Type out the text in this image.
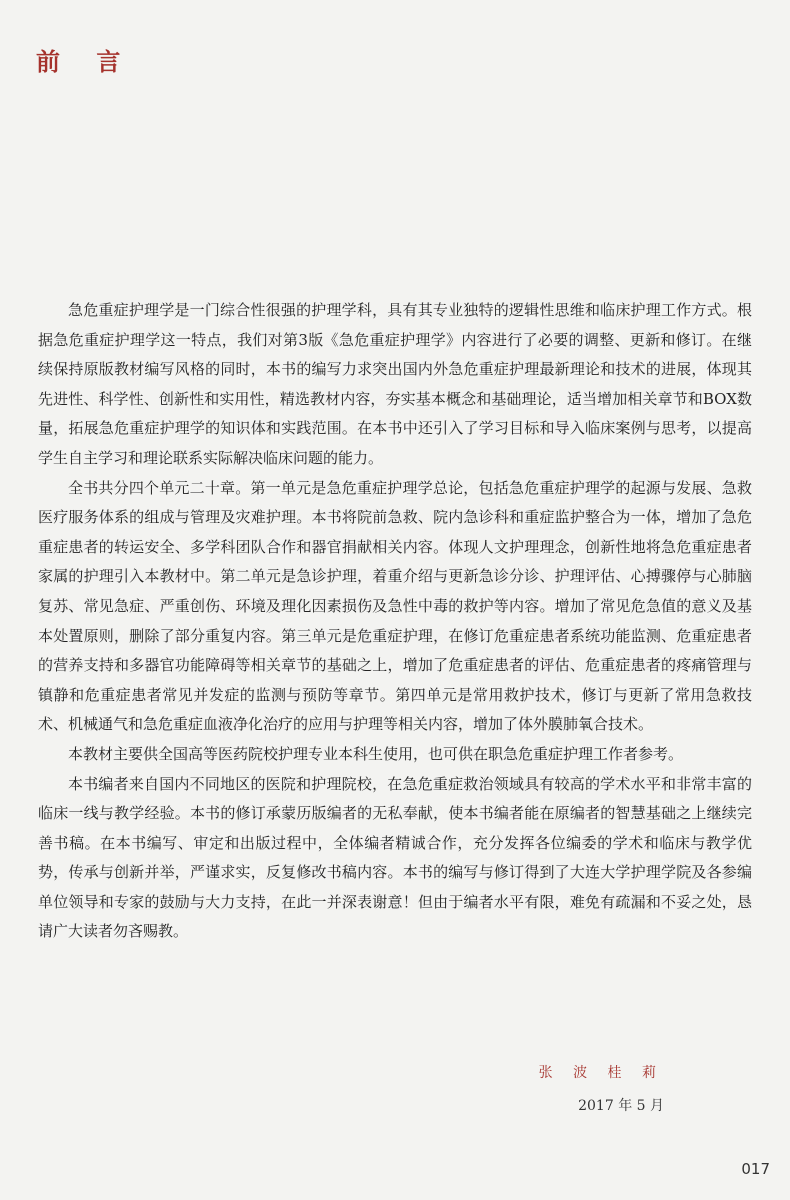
前 言

急危重症护理学是一门综合性很强的护理学科，具有其专业独特的逻辑性思维和临床护理工作方式。根据急危重症护理学这一特点，我们对第3版《急危重症护理学》内容进行了必要的调整、更新和修订。在继续保持原版教材编写风格的同时，本书的编写力求突出国内外急危重症护理最新理论和技术的进展，体现其先进性、科学性、创新性和实用性，精选教材内容，夯实基本概念和基础理论，适当增加相关章节和BOX数量，拓展急危重症护理学的知识体和实践范围。在本书中还引入了学习目标和导入临床案例与思考，以提高学生自主学习和理论联系实际解决临床问题的能力。

全书共分四个单元二十章。第一单元是急危重症护理学总论，包括急危重症护理学的起源与发展、急救医疗服务体系的组成与管理及灾难护理。本书将院前急救、院内急诊科和重症监护整合为一体，增加了急危重症患者的转运安全、多学科团队合作和器官捐献相关内容。体现人文护理理念，创新性地将急危重症患者家属的护理引入本教材中。第二单元是急诊护理，着重介绍与更新急诊分诊、护理评估、心搏骤停与心肺脑复苏、常见急症、严重创伤、环境及理化因素损伤及急性中毒的救护等内容。增加了常见危急值的意义及基本处置原则，删除了部分重复内容。第三单元是危重症护理，在修订危重症患者系统功能监测、危重症患者的营养支持和多器官功能障碍等相关章节的基础之上，增加了危重症患者的评估、危重症患者的疼痛管理与镇静和危重症患者常见并发症的监测与预防等章节。第四单元是常用救护技术，修订与更新了常用急救技术、机械通气和急危重症血液净化治疗的应用与护理等相关内容，增加了体外膜肺氧合技术。

本教材主要供全国高等医药院校护理专业本科生使用，也可供在职急危重症护理工作者参考。

本书编者来自国内不同地区的医院和护理院校，在急危重症救治领域具有较高的学术水平和非常丰富的临床一线与教学经验。本书的修订承蒙历版编者的无私奉献，使本书编者能在原编者的智慧基础之上继续完善书稿。在本书编写、审定和出版过程中，全体编者精诚合作，充分发挥各位编委的学术和临床与教学优势，传承与创新并举，严谨求实，反复修改书稿内容。本书的编写与修订得到了大连大学护理学院及各参编单位领导和专家的鼓励与大力支持，在此一并深表谢意！但由于编者水平有限，难免有疏漏和不妥之处，恳请广大读者勿吝赐教。

张 波 桂 莉
2017 年 5 月
017
